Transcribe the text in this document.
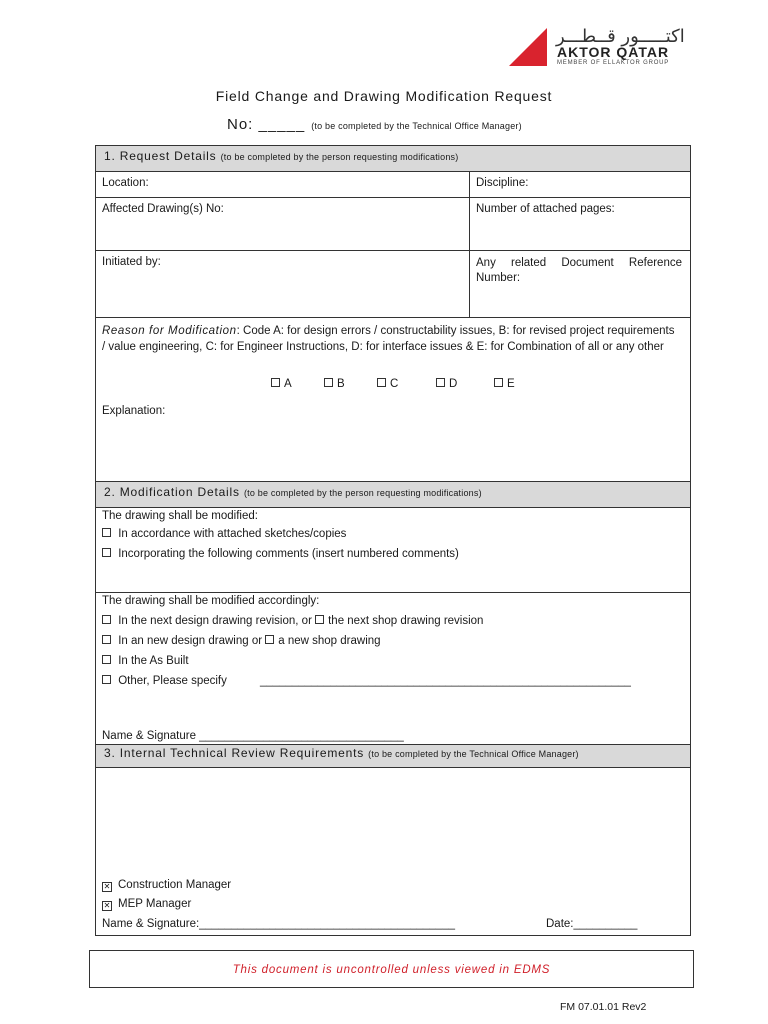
اكتـــــور قــطـــر
AKTOR QATAR
MEMBER OF ELLAKTOR GROUP
Field Change and Drawing Modification Request
No: _____ (to be completed by the Technical Office Manager)
1. Request Details (to be completed by the person requesting modifications)
Location:	Discipline:
Affected Drawing(s) No:	Number of attached pages:
Initiated by:	Any related Document Reference Number:
Reason for Modification: Code A: for design errors / constructability issues, B: for revised project requirements / value engineering, C: for Engineer Instructions, D: for interface issues & E: for Combination of all or any other
A	B	C	D	E
Explanation:
2. Modification Details (to be completed by the person requesting modifications)
The drawing shall be modified:
In accordance with attached sketches/copies
Incorporating the following comments (insert numbered comments)
The drawing shall be modified accordingly:
In the next design drawing revision, or the next shop drawing revision
In an new design drawing or a new shop drawing
In the As Built
Other, Please specify	__________________________________________________________
Name & Signature ________________________________
3. Internal Technical Review Requirements (to be completed by the Technical Office Manager)
✕ Construction Manager
✕ MEP Manager
Name & Signature:________________________________________	Date:__________
This document is uncontrolled unless viewed in EDMS
FM 07.01.01 Rev2
